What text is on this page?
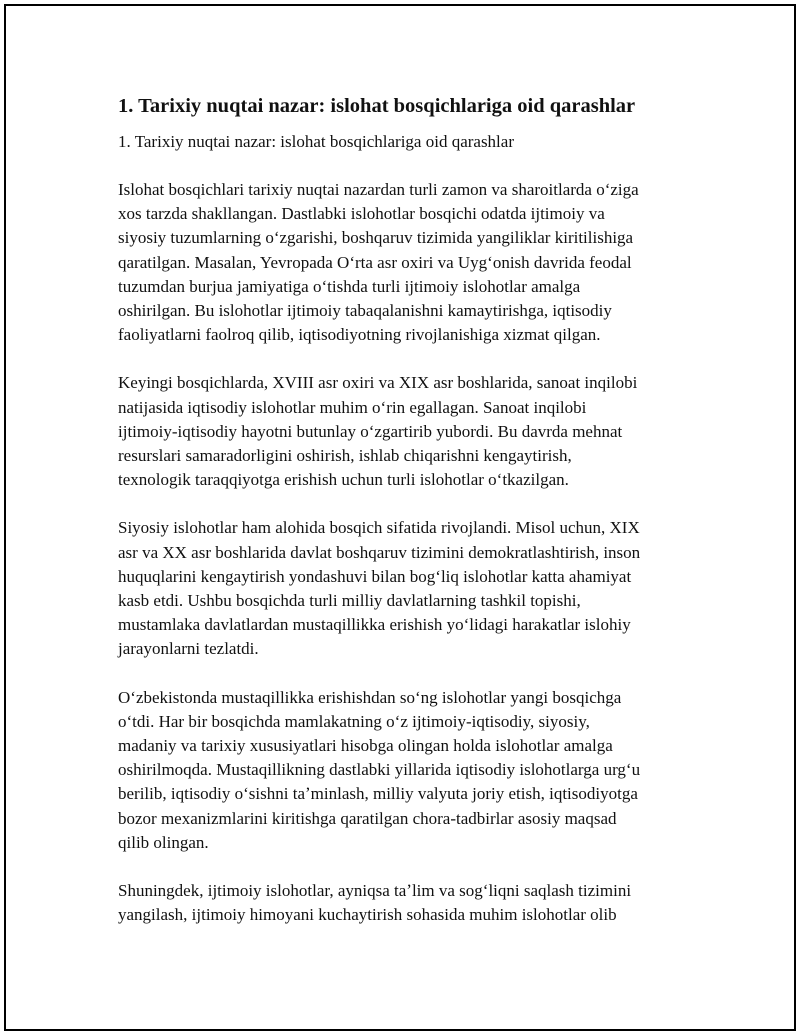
1. Tarixiy nuqtai nazar: islohat bosqichlariga oid qarashlar
1. Tarixiy nuqtai nazar: islohat bosqichlariga oid qarashlar
Islohat bosqichlari tarixiy nuqtai nazardan turli zamon va sharoitlarda oʻziga
xos tarzda shakllangan. Dastlabki islohotlar bosqichi odatda ijtimoiy va
siyosiy tuzumlarning oʻzgarishi, boshqaruv tizimida yangiliklar kiritilishiga
qaratilgan. Masalan, Yevropada Oʻrta asr oxiri va Uygʻonish davrida feodal
tuzumdan burjua jamiyatiga oʻtishda turli ijtimoiy islohotlar amalga
oshirilgan. Bu islohotlar ijtimoiy tabaqalanishni kamaytirishga, iqtisodiy
faoliyatlarni faolroq qilib, iqtisodiyotning rivojlanishiga xizmat qilgan.
Keyingi bosqichlarda, XVIII asr oxiri va XIX asr boshlarida, sanoat inqilobi
natijasida iqtisodiy islohotlar muhim oʻrin egallagan. Sanoat inqilobi
ijtimoiy-iqtisodiy hayotni butunlay oʻzgartirib yubordi. Bu davrda mehnat
resurslari samaradorligini oshirish, ishlab chiqarishni kengaytirish,
texnologik taraqqiyotga erishish uchun turli islohotlar oʻtkazilgan.
Siyosiy islohotlar ham alohida bosqich sifatida rivojlandi. Misol uchun, XIX
asr va XX asr boshlarida davlat boshqaruv tizimini demokratlashtirish, inson
huquqlarini kengaytirish yondashuvi bilan bogʻliq islohotlar katta ahamiyat
kasb etdi. Ushbu bosqichda turli milliy davlatlarning tashkil topishi,
mustamlaka davlatlardan mustaqillikka erishish yoʻlidagi harakatlar islohiy
jarayonlarni tezlatdi.
Oʻzbekistonda mustaqillikka erishishdan soʻng islohotlar yangi bosqichga
oʻtdi. Har bir bosqichda mamlakatning oʻz ijtimoiy-iqtisodiy, siyosiy,
madaniy va tarixiy xususiyatlari hisobga olingan holda islohotlar amalga
oshirilmoqda. Mustaqillikning dastlabki yillarida iqtisodiy islohotlarga urgʻu
berilib, iqtisodiy oʻsishni taʼminlash, milliy valyuta joriy etish, iqtisodiyotga
bozor mexanizmlarini kiritishga qaratilgan chora-tadbirlar asosiy maqsad
qilib olingan.
Shuningdek, ijtimoiy islohotlar, ayniqsa taʼlim va sogʻliqni saqlash tizimini
yangilash, ijtimoiy himoyani kuchaytirish sohasida muhim islohotlar olib
